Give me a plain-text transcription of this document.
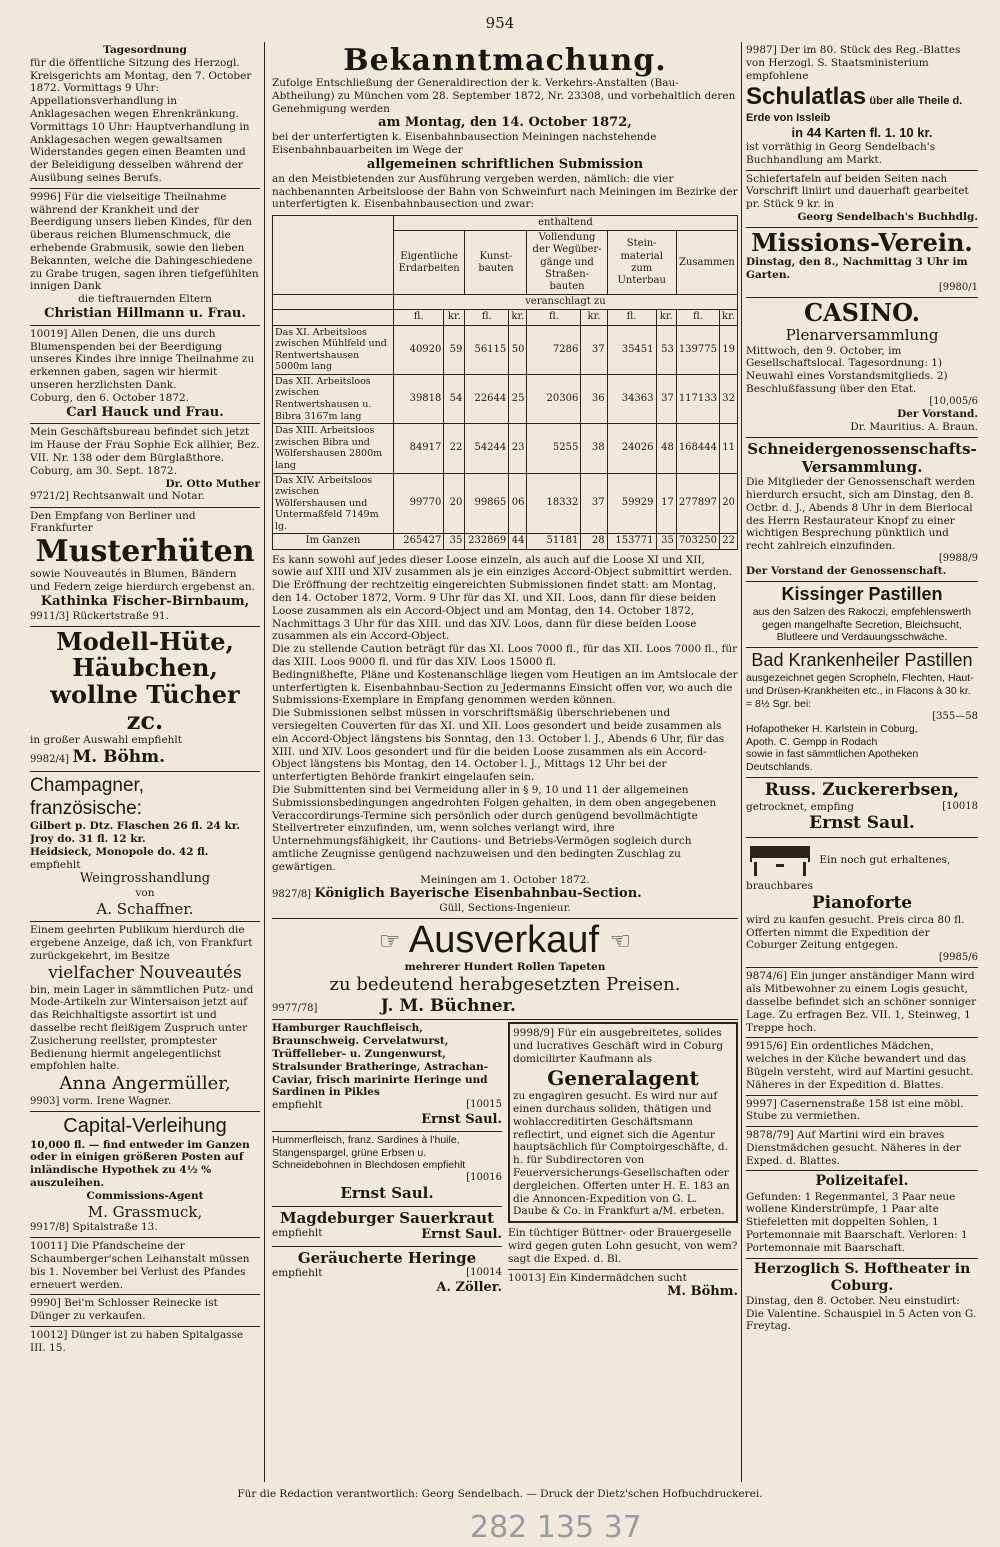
954
Tagesordnung
für die öffentliche Sitzung des Herzogl. Kreisgerichts am Montag, den 7. October 1872. Vormittags 9 Uhr: Appellationsverhandlung in Anklagesachen wegen Ehrenkränkung. Vormittags 10 Uhr: Hauptverhandlung in Anklagesachen wegen gewaltsamen Widerstandes gegen einen Beamten und der Beleidigung desselben während der Ausübung seines Berufs.
9996] Für die vielseitige Theilnahme während der Krankheit und der Beerdigung unsers lieben Kindes, für den überaus reichen Blumenschmuck, die erhebende Grabmusik, sowie den lieben Bekannten, welche die Dahingeschiedene zu Grabe trugen, sagen ihren tiefgefühlten innigen Dank
die tieftrauernden Eltern
Christian Hillmann u. Frau.
10019] Allen Denen, die uns durch Blumenspenden bei der Beerdigung unseres Kindes ihre innige Theilnahme zu erkennen gaben, sagen wir hiermit unseren herzlichsten Dank.
Coburg, den 6. October 1872.
Carl Hauck und Frau.
Mein Geschäftsbureau befindet sich jetzt im Hause der Frau Sophie Eck allhier, Bez. VII. Nr. 138 oder dem Bürglaßthore.
Coburg, am 30. Sept. 1872.
Dr. Otto Muther
9721/2] Rechtsanwalt und Notar.
Den Empfang von Berliner und Frankfurter
Musterhüten
sowie Nouveautés in Blumen, Bändern und Federn zeige hierdurch ergebenst an.
Kathinka Fischer-Birnbaum,
9911/3] Rückertstraße 91.
Modell-Hüte,
Häubchen,
wollne Tücher zc.
in großer Auswahl empfiehlt
9982/4] M. Böhm.
Champagner, französische:
Gilbert p. Dtz. Flaschen 26 fl. 24 kr.
Jroy do. 31 fl. 12 kr.
Heidsieck, Monopole do. 42 fl.
empfiehlt
Weingrosshandlung
von
A. Schaffner.
Einem geehrten Publikum hierdurch die ergebene Anzeige, daß ich, von Frankfurt zurückgekehrt, im Besitze
vielfacher Nouveautés
bin, mein Lager in sämmtlichen Putz- und Mode-Artikeln zur Wintersaison jetzt auf das Reichhaltigste assortirt ist und dasselbe recht fleißigem Zuspruch unter Zusicherung reellster, promptester Bedienung hiermit angelegentlichst empfohlen halte.
Anna Angermüller,
9903] vorm. Irene Wagner.
Capital-Verleihung
10,000 fl. — find entweder im Ganzen oder in einigen größeren Posten auf inländische Hypothek zu 4½ % auszuleihen.
Commissions-Agent
M. Grassmuck,
9917/8] Spitalstraße 13.
10011] Die Pfandscheine der Schaumberger'schen Leihanstalt müssen bis 1. November bei Verlust des Pfandes erneuert werden.
9990] Bei'm Schlosser Reinecke ist Dünger zu verkaufen.
10012] Dünger ist zu haben Spitalgasse III. 15.
Bekanntmachung.
Zufolge Entschließung der Generaldirection der k. Verkehrs-Anstalten (Bau-Abtheilung) zu München vom 28. September 1872, Nr. 23308, und vorbehaltlich deren Genehmigung werden
am Montag, den 14. October 1872,
bei der unterfertigten k. Eisenbahnbausection Meiningen nachstehende Eisenbahnbauarbeiten im Wege der
allgemeinen schriftlichen Submission
an den Meistbietenden zur Ausführung vergeben werden, nämlich: die vier nachbenannten Arbeitsloose der Bahn von Schweinfurt nach Meiningen im Bezirke der unterfertigten k. Eisenbahnbausection und zwar:
	enthaltend									
	Eigentliche Erdarbeiten		Kunst-bauten		Vollendung der Wegüber-gänge und Straßen-bauten		Stein-material zum Unterbau		Zusammen	
	veranschlagt zu									
	fl.	kr.	fl.	kr.	fl.	kr.	fl.	kr.	fl.	kr.
Das XI. Arbeitsloos zwischen Mühlfeld und Rentwertshausen 5000m lang	40920	59	56115	50	7286	37	35451	53	139775	19
Das XII. Arbeitsloos zwischen Rentwertshausen u. Bibra 3167m lang	39818	54	22644	25	20306	36	34363	37	117133	32
Das XIII. Arbeitsloos zwischen Bibra und Wölfershausen 2800m lang	84917	22	54244	23	5255	38	24026	48	168444	11
Das XIV. Arbeitsloos zwischen Wölfershausen und Untermaßfeld 7149m lg.	99770	20	99865	06	18332	37	59929	17	277897	20
Im Ganzen	265427	35	232869	44	51181	28	153771	35	703250	22
Es kann sowohl auf jedes dieser Loose einzeln, als auch auf die Loose XI und XII, sowie auf XIII und XIV zusammen als je ein einziges Accord-Object submittirt werden.
Die Eröffnung der rechtzeitig eingereichten Submissionen findet statt: am Montag, den 14. October 1872, Vorm. 9 Uhr für das XI. und XII. Loos, dann für diese beiden Loose zusammen als ein Accord-Object und am Montag, den 14. October 1872, Nachmittags 3 Uhr für das XIII. und das XIV. Loos, dann für diese beiden Loose zusammen als ein Accord-Object.
Die zu stellende Caution beträgt für das XI. Loos 7000 fl., für das XII. Loos 7000 fl., für das XIII. Loos 9000 fl. und für das XIV. Loos 15000 fl.
Bedingnißhefte, Pläne und Kostenanschläge liegen vom Heutigen an im Amtslocale der unterfertigten k. Eisenbahnbau-Section zu Jedermanns Einsicht offen vor, wo auch die Submissions-Exemplare in Empfang genommen werden können.
Die Submissionen selbst müssen in vorschriftsmäßig überschriebenen und versiegelten Couverten für das XI. und XII. Loos gesondert und beide zusammen als ein Accord-Object längstens bis Sonntag, den 13. October l. J., Abends 6 Uhr, für das XIII. und XIV. Loos gesondert und für die beiden Loose zusammen als ein Accord-Object längstens bis Montag, den 14. October l. J., Mittags 12 Uhr bei der unterfertigten Behörde frankirt eingelaufen sein.
Die Submittenten sind bei Vermeidung aller in § 9, 10 und 11 der allgemeinen Submissionsbedingungen angedrohten Folgen gehalten, in dem oben angegebenen Veraccordirungs-Termine sich persönlich oder durch genügend bevollmächtigte Stellvertreter einzufinden, um, wenn solches verlangt wird, ihre Unternehmungsfähigkeit, ihr Cautions- und Betriebs-Vermögen sogleich durch amtliche Zeugnisse genügend nachzuweisen und den bedingten Zuschlag zu gewärtigen.
Meiningen am 1. October 1872.
9827/8] Königlich Bayerische Eisenbahnbau-Section.
Güll, Sections-Ingenieur.
☞ Ausverkauf ☜
mehrerer Hundert Rollen Tapeten
zu bedeutend herabgesetzten Preisen.
9977/78]	J. M. Büchner.
Hamburger Rauchfleisch, Braunschweig. Cervelatwurst, Trüffelleber- u. Zungenwurst, Stralsunder Bratheringe, Astrachan-Caviar, frisch marinirte Heringe und Sardinen in Pikles
empfiehlt	[10015
Ernst Saul.
Hummerfleisch, franz. Sardines à l'huile, Stangenspargel, grüne Erbsen u. Schneidebohnen in Blechdosen empfiehlt
[10016
Ernst Saul.
Magdeburger Sauerkraut
empfiehlt	Ernst Saul.
Geräucherte Heringe
empfiehlt	[10014
A. Zöller.
9998/9] Für ein ausgebreitetes, solides und lucratives Geschäft wird in Coburg domicilirter Kaufmann als
Generalagent
zu engagiren gesucht. Es wird nur auf einen durchaus soliden, thätigen und wohlaccreditirten Geschäftsmann reflectirt, und eignet sich die Agentur hauptsächlich für Comptoirgeschäfte, d. h. für Subdirectoren von Feuerversicherungs-Gesellschaften oder dergleichen. Offerten unter H. E. 183 an die Annoncen-Expedition von G. L. Daube & Co. in Frankfurt a/M. erbeten.
Ein tüchtiger Büttner- oder Brauergeselle wird gegen guten Lohn gesucht, von wem? sagt die Exped. d. Bl.
10013] Ein Kindermädchen sucht
M. Böhm.
9987] Der im 80. Stück des Reg.-Blattes von Herzogl. S. Staatsministerium empfohlene
Schulatlas über alle Theile d. Erde von Issleib
in 44 Karten fl. 1. 10 kr.
ist vorräthig in Georg Sendelbach's Buchhandlung am Markt.
Schiefertafeln auf beiden Seiten nach Vorschrift liniirt und dauerhaft gearbeitet pr. Stück 9 kr. in
Georg Sendelbach's Buchhdlg.
Missions-Verein.
Dinstag, den 8., Nachmittag 3 Uhr im Garten.
[9980/1
CASINO.
Plenarversammlung
Mittwoch, den 9. October, im Gesellschaftslocal. Tagesordnung: 1) Neuwahl eines Vorstandsmitglieds. 2) Beschlußfassung über den Etat.
[10,005/6
Der Vorstand.
Dr. Mauritius. A. Braun.
Schneidergenossenschafts-Versammlung.
Die Mitglieder der Genossenschaft werden hierdurch ersucht, sich am Dinstag, den 8. Octbr. d. J., Abends 8 Uhr in dem Bierlocal des Herrn Restaurateur Knopf zu einer wichtigen Besprechung pünktlich und recht zahlreich einzufinden.
[9988/9
Der Vorstand der Genossenschaft.
Kissinger Pastillen
aus den Salzen des Rakoczi, empfehlenswerth gegen mangelhafte Secretion, Bleichsucht, Blutleere und Verdauungsschwäche.
Bad Krankenheiler Pastillen
ausgezeichnet gegen Scropheln, Flechten, Haut- und Drüsen-Krankheiten etc., in Flacons à 30 kr. = 8½ Sgr. bei:
[355—58
Hofapotheker H. Karlstein in Coburg,
Apoth. C. Gempp in Rodach
sowie in fast sämmtlichen Apotheken Deutschlands.
Russ. Zuckererbsen,
getrocknet, empfing	[10018
Ernst Saul.
Ein noch gut erhaltenes, brauchbares
Pianoforte
wird zu kaufen gesucht. Preis circa 80 fl. Offerten nimmt die Expedition der Coburger Zeitung entgegen.
[9985/6
9874/6] Ein junger anständiger Mann wird als Mitbewohner zu einem Logis gesucht, dasselbe befindet sich an schöner sonniger Lage. Zu erfragen Bez. VII. 1, Steinweg, 1 Treppe hoch.
9915/6] Ein ordentliches Mädchen, welches in der Küche bewandert und das Bügeln versteht, wird auf Martini gesucht. Näheres in der Expedition d. Blattes.
9997] Casernenstraße 158 ist eine möbl. Stube zu vermiethen.
9878/79] Auf Martini wird ein braves Dienstmädchen gesucht. Näheres in der Exped. d. Blattes.
Polizeitafel.
Gefunden: 1 Regenmantel, 3 Paar neue wollene Kinderstrümpfe, 1 Paar alte Stiefeletten mit doppelten Sohlen, 1 Portemonnaie mit Baarschaft. Verloren: 1 Portemonnaie mit Baarschaft.
Herzoglich S. Hoftheater in Coburg.
Dinstag, den 8. October. Neu einstudirt: Die Valentine. Schauspiel in 5 Acten von G. Freytag.
Für die Redaction verantwortlich: Georg Sendelbach. — Druck der Dietz'schen Hofbuchdruckerei.
282 135 37
